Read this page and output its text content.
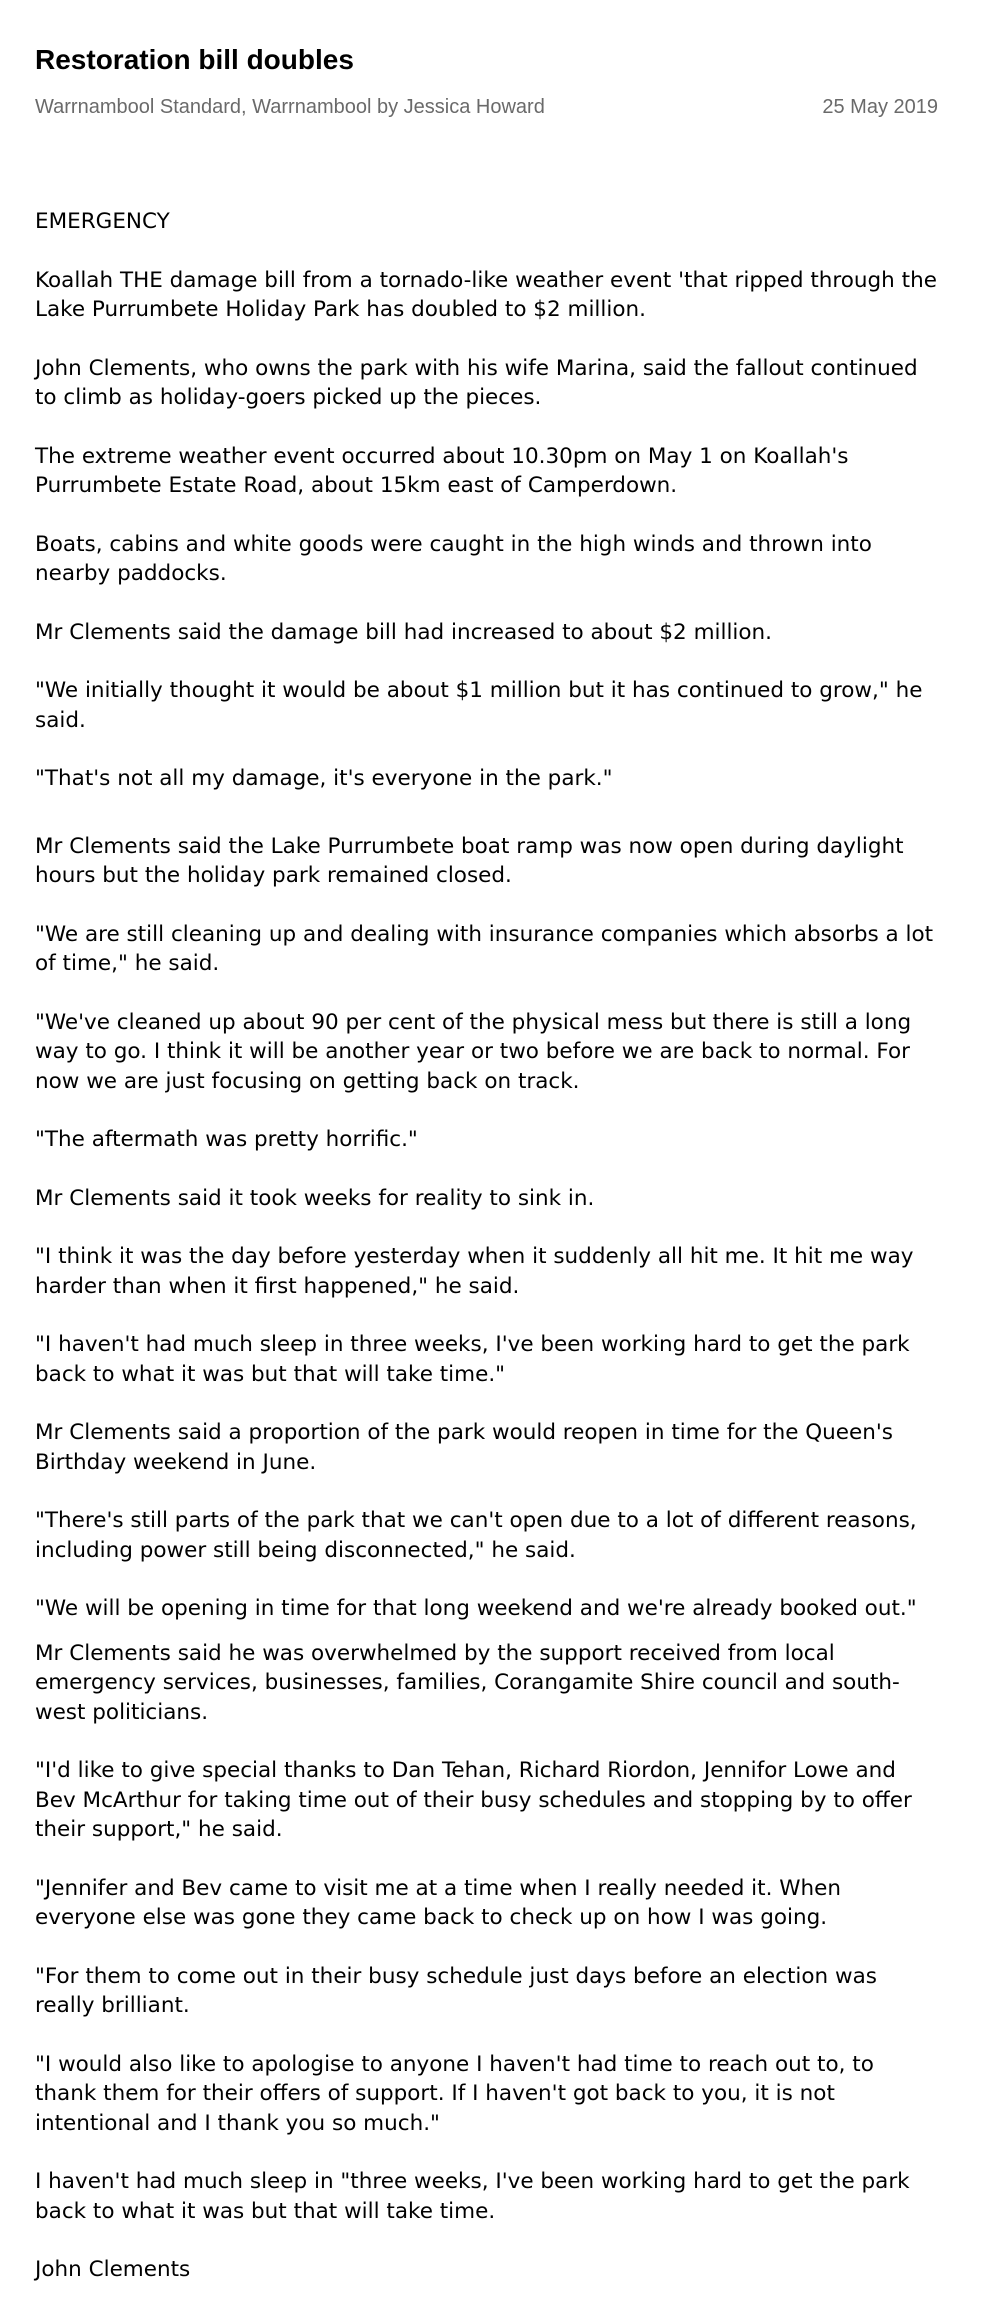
Restoration bill doubles
Warrnambool Standard, Warrnambool by Jessica Howard	25 May 2019

EMERGENCY

Koallah THE damage bill from a tornado-like weather event 'that ripped through the Lake Purrumbete Holiday Park has doubled to $2 million.

John Clements, who owns the park with his wife Marina, said the fallout continued to climb as holiday-goers picked up the pieces.

The extreme weather event occurred about 10.30pm on May 1 on Koallah's Purrumbete Estate Road, about 15km east of Camperdown.

Boats, cabins and white goods were caught in the high winds and thrown into nearby paddocks.

Mr Clements said the damage bill had increased to about $2 million.

"We initially thought it would be about $1 million but it has continued to grow," he said.

"That's not all my damage, it's everyone in the park."

Mr Clements said the Lake Purrumbete boat ramp was now open during daylight hours but the holiday park remained closed.

"We are still cleaning up and dealing with insurance companies which absorbs a lot of time," he said.

"We've cleaned up about 90 per cent of the physical mess but there is still a long way to go. I think it will be another year or two before we are back to normal. For now we are just focusing on getting back on track.

"The aftermath was pretty horrific."

Mr Clements said it took weeks for reality to sink in.

"I think it was the day before yesterday when it suddenly all hit me. It hit me way harder than when it first happened," he said.

"I haven't had much sleep in three weeks, I've been working hard to get the park back to what it was but that will take time."

Mr Clements said a proportion of the park would reopen in time for the Queen's Birthday weekend in June.

"There's still parts of the park that we can't open due to a lot of different reasons, including power still being disconnected," he said.

"We will be opening in time for that long weekend and we're already booked out."

Mr Clements said he was overwhelmed by the support received from local emergency services, businesses, families, Corangamite Shire council and south-west politicians.

"I'd like to give special thanks to Dan Tehan, Richard Riordon, Jennifor Lowe and Bev McArthur for taking time out of their busy schedules and stopping by to offer their support," he said.

"Jennifer and Bev came to visit me at a time when I really needed it. When everyone else was gone they came back to check up on how I was going.

"For them to come out in their busy schedule just days before an election was really brilliant.

"I would also like to apologise to anyone I haven't had time to reach out to, to thank them for their offers of support. If I haven't got back to you, it is not intentional and I thank you so much."

I haven't had much sleep in "three weeks, I've been working hard to get the park back to what it was but that will take time.

John Clements
